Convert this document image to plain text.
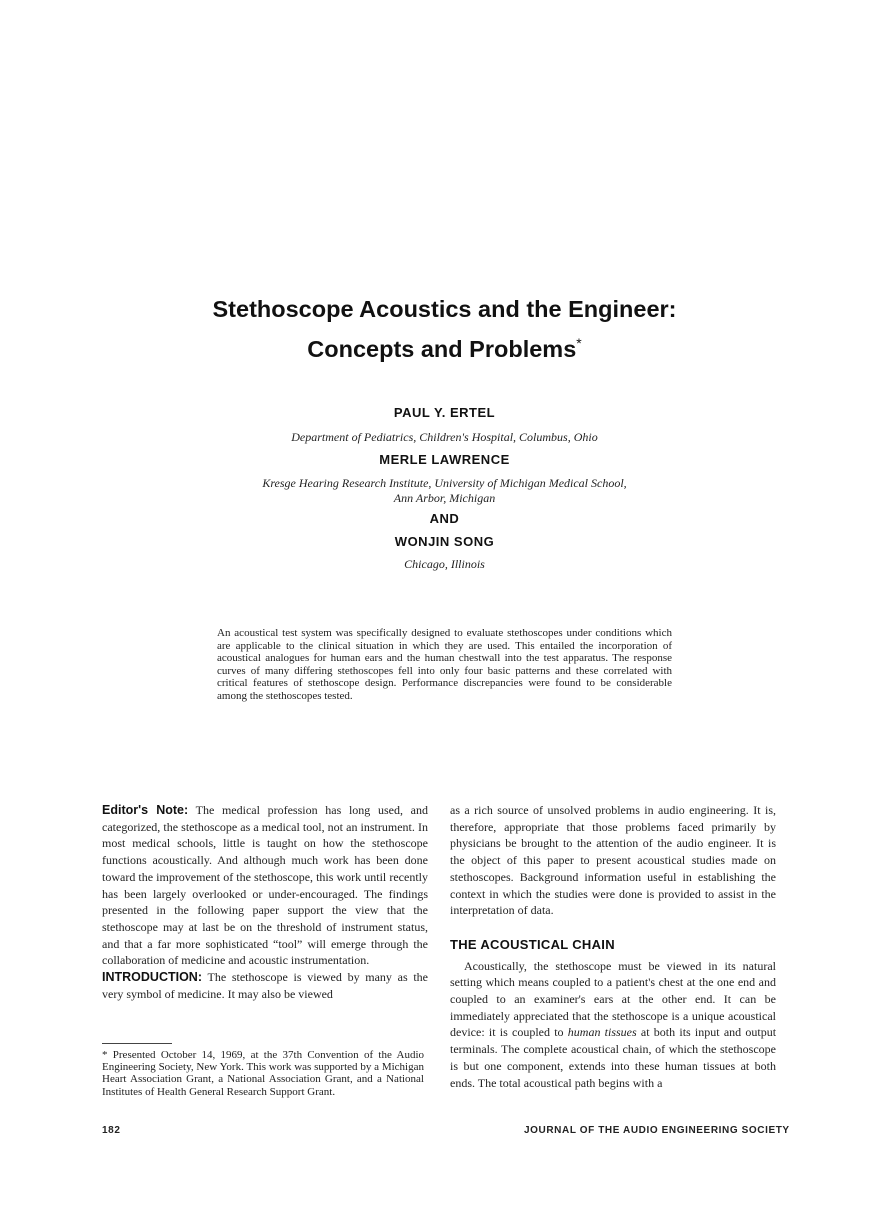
Stethoscope Acoustics and the Engineer:
Concepts and Problems*
PAUL Y. ERTEL
Department of Pediatrics, Children's Hospital, Columbus, Ohio
MERLE LAWRENCE
Kresge Hearing Research Institute, University of Michigan Medical School,
Ann Arbor, Michigan
AND
WONJIN SONG
Chicago, Illinois
An acoustical test system was specifically designed to evaluate stethoscopes under conditions which are applicable to the clinical situation in which they are used. This entailed the incorporation of acoustical analogues for human ears and the human chestwall into the test apparatus. The response curves of many differing stethoscopes fell into only four basic patterns and these correlated with critical features of stethoscope design. Performance discrepancies were found to be considerable among the stethoscopes tested.

Editor's Note: The medical profession has long used, and categorized, the stethoscope as a medical tool, not an instrument. In most medical schools, little is taught on how the stethoscope functions acoustically. And although much work has been done toward the improvement of the stethoscope, this work until recently has been largely overlooked or under-encouraged. The findings presented in the following paper support the view that the stethoscope may at last be on the threshold of instrument status, and that a far more sophisticated “tool” will emerge through the collaboration of medicine and acoustic instrumentation.

INTRODUCTION: The stethoscope is viewed by many as the very symbol of medicine. It may also be viewed

as a rich source of unsolved problems in audio engineering. It is, therefore, appropriate that those problems faced primarily by physicians be brought to the attention of the audio engineer. It is the object of this paper to present acoustical studies made on stethoscopes. Background information useful in establishing the context in which the studies were done is provided to assist in the interpretation of data.

THE ACOUSTICAL CHAIN

Acoustically, the stethoscope must be viewed in its natural setting which means coupled to a patient's chest at the one end and coupled to an examiner's ears at the other end. It can be immediately appreciated that the stethoscope is a unique acoustical device: it is coupled to human tissues at both its input and output terminals. The complete acoustical chain, of which the stethoscope is but one component, extends into these human tissues at both ends. The total acoustical path begins with a

* Presented October 14, 1969, at the 37th Convention of the Audio Engineering Society, New York. This work was supported by a Michigan Heart Association Grant, a National Association Grant, and a National Institutes of Health General Research Support Grant.
182	JOURNAL OF THE AUDIO ENGINEERING SOCIETY
